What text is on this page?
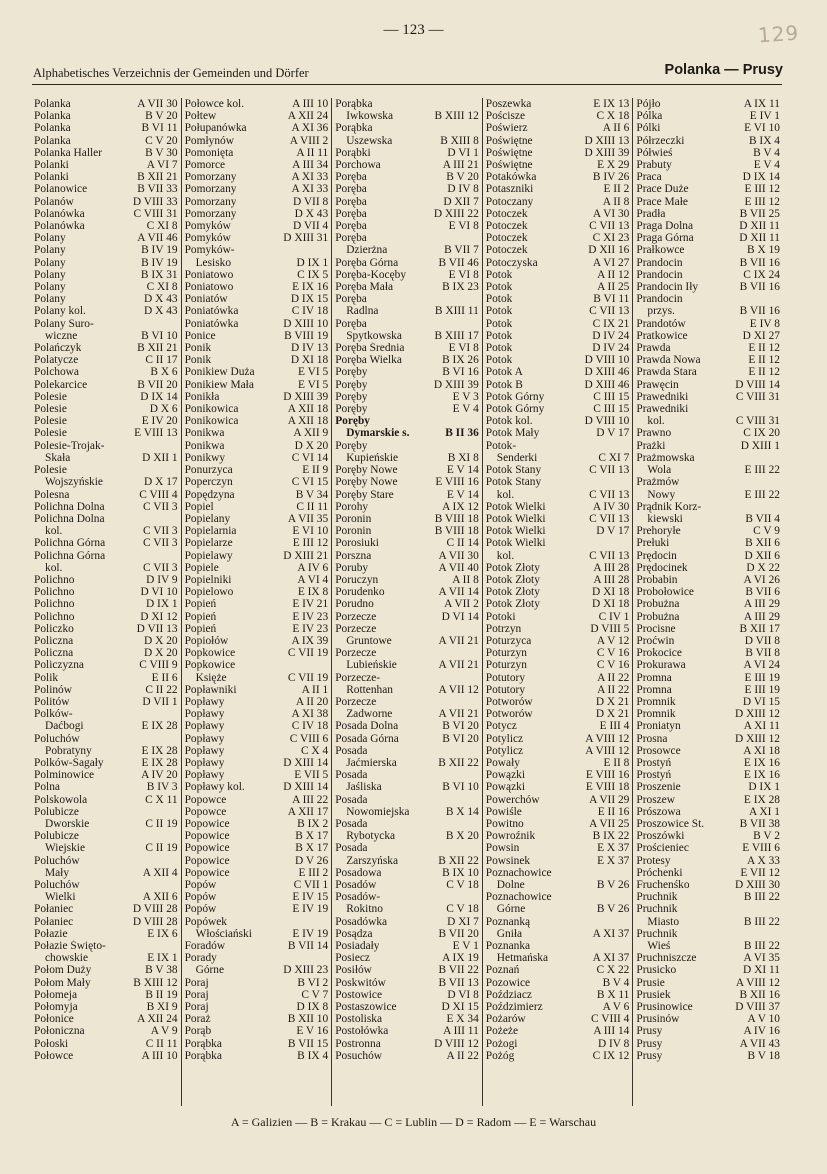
— 123 —	129
Alphabetisches Verzeichnis der Gemeinden und Dörfer	Polanka — Prusy
Polanka	A VII 30
Polanka	B V 20
Polanka	B VI 11
Polanka	C V 20
Polanka Haller	B V 30
Polanki	A VI 7
Polanki	B XII 21
Polanowice	B VII 33
Polanów	D VIII 33
Polanówka	C VIII 31
Polanówka	C XI 8
Polany	A VII 46
Polany	B IV 19
Polany	B IV 19
Polany	B IX 31
Polany	C XI 8
Polany	D X 43
Polany kol.	D X 43
Polany Suro-
wiczne	B VI 10
Polańczyk	B XII 21
Polatycze	C II 17
Polchowa	B X 6
Polekarcice	B VII 20
Polesie	D IX 14
Polesie	D X 6
Polesie	E IV 20
Polesie	E VIII 13
Polesie-Trojak-
Skała	D XII 1
Polesie
Wojszyńskie	D X 17
Polesna	C VIII 4
Polichna Dolna	C VII 3
Polichna Dolna
kol.	C VII 3
Polichna Górna	C VII 3
Polichna Górna
kol.	C VII 3
Polichno	D IV 9
Polichno	D VI 10
Polichno	D IX 1
Polichno	D XI 12
Policzko	D VII 13
Policzna	D X 20
Policzna	D X 20
Policzyzna	C VIII 9
Polik	E II 6
Polinów	C II 22
Politów	D VII 1
Polków-
Daćbogi	E IX 28
Poluchów
Pobratyny	E IX 28
Polków-Sagały	E IX 28
Polminowice	A IV 20
Polna	B IV 3
Polskowola	C X 11
Polubicze
Dworskie	C II 19
Polubicze
Wiejskie	C II 19
Poluchów
Mały	A XII 4
Poluchów
Wielki	A XII 6
Połaniec	D VIII 28
Połaniec	D VIII 28
Połazie	E IX 6
Połazie Święto-
chowskie	E IX 1
Połom Duży	B V 38
Połom Mały	B XIII 12
Połomeja	B II 19
Połomyja	B XI 9
Połonice	A XII 24
Połoniczna	A V 9
Połoski	C II 11
Połowce	A III 10
Połowce kol.	A III 10
Połtew	A XII 24
Połupanówka	A XI 36
Pomłynów	A VIII 2
Pomonięta	A II 11
Pomorce	A III 34
Pomorzany	A XI 33
Pomorzany	A XI 33
Pomorzany	D VII 8
Pomorzany	D X 43
Pomyków	D VII 4
Pomyków	D XIII 31
Pomyków-
Lesisko	D IX 1
Poniatowo	C IX 5
Poniatowo	E IX 16
Poniatów	D IX 15
Poniatówka	C IV 18
Poniatówka	D XIII 10
Ponice	B VIII 19
Ponik	D IV 13
Ponik	D XI 18
Ponikiew Duża	E VI 5
Ponikiew Mała	E VI 5
Ponikła	D XIII 39
Ponikowica	A XII 18
Ponikowica	A XII 18
Ponikwa	A XII 9
Ponikwa	D X 20
Ponikwy	C VI 14
Ponurzyca	E II 9
Poperczyn	C VI 15
Popędzyna	B V 34
Popiel	C II 11
Popielany	A VII 35
Popielarnia	E VI 10
Popielarze	E III 12
Popielawy	D XIII 21
Popiele	A IV 6
Popielniki	A VI 4
Popielowo	E IX 8
Popień	E IV 21
Popień	E IV 23
Popień	E IV 23
Popiołów	A IX 39
Popkowice	C VII 19
Popkowice
Księże	C VII 19
Popławniki	A II 1
Popławy	A II 20
Popławy	A XI 38
Popławy	C IV 18
Popławy	C VIII 6
Popławy	C X 4
Popławy	D XIII 14
Popławy	E VII 5
Popławy kol.	D XIII 14
Popowce	A III 22
Popowce	A XII 17
Popowice	B IX 2
Popowice	B X 17
Popowice	B X 17
Popowice	D V 26
Popowice	E III 2
Popów	C VII 1
Popów	E IV 15
Popów	E IV 19
Popówek
Włościański	E IV 19
Foradów	B VII 14
Porady
Górne	D XIII 23
Poraj	B VI 2
Poraj	C V 7
Poraj	D IX 8
Poraż	B XII 10
Porąb	E V 16
Porąbka	B VII 15
Porąbka	B IX 4
Porąbka
Iwkowska	B XIII 12
Porąbka
Uszewska	B XIII 8
Porąbki	D VI 1
Porchowa	A III 21
Poręba	B V 20
Poręba	D IV 8
Poręba	D XII 7
Poręba	D XIII 22
Poręba	E VI 8
Poręba
Dzierżna	B VII 7
Poręba Górna	B VII 46
Poręba-Kocęby	E VI 8
Poręba Mała	B IX 23
Poręba
Radlna	B XIII 11
Poręba
Spytkowska	B XIII 17
Poręba Średnia	E VI 8
Poręba Wielka	B IX 26
Poręby	B VI 16
Poręby	D XIII 39
Poręby	E V 3
Poręby	E V 4
Poręby
Dymarskie s.	B II 36
Poręby
Kupieńskie	B XI 8
Poręby Nowe	E V 14
Poręby Nowe	E VIII 16
Poręby Stare	E V 14
Porohy	A IX 12
Poronin	B VIII 18
Poronin	B VIII 18
Porosiuki	C II 14
Porszna	A VII 30
Poruby	A VII 40
Poruczyn	A II 8
Porudenko	A VII 14
Porudno	A VII 2
Porzecze	D VI 14
Porzecze
Gruntowe	A VII 21
Porzecze
Lubieńskie	A VII 21
Porzecze-
Rottenhan	A VII 12
Porzecze
Zadworne	A VII 21
Posada Dolna	B VI 20
Posada Górna	B VI 20
Posada
Jaćmierska	B XII 22
Posada
Jaśliska	B VI 10
Posada
Nowomiejska	B X 14
Posada
Rybotycka	B X 20
Posada
Zarszyńska	B XII 22
Posadowa	B IX 10
Posadów	C V 18
Posadów-
Rokitno	C V 18
Posadówka	D XI 7
Posądza	B VII 20
Posiadały	E V 1
Posiecz	A IX 19
Posiłów	B VII 22
Poskwitów	B VII 13
Postowice	D VI 8
Postaszowice	D XI 15
Postoliska	E X 34
Postołówka	A III 11
Postronna	D VIII 12
Posuchów	A II 22
Poszewka	E IX 13
Pościsze	C X 18
Poświerz	A II 6
Poświętne	D XIII 13
Poświętne	D XIII 39
Poświętne	E X 29
Potakówka	B IV 26
Potaszniki	E II 2
Potoczany	A II 8
Potoczek	A VI 30
Potoczek	C VII 13
Potoczek	C XI 23
Potoczek	D XII 16
Potoczyska	A VI 27
Potok	A II 12
Potok	A II 25
Potok	B VI 11
Potok	C VII 13
Potok	C IX 21
Potok	D IV 24
Potok	D IV 24
Potok	D VIII 10
Potok A	D XIII 46
Potok B	D XIII 46
Potok Górny	C III 15
Potok Górny	C III 15
Potok kol.	D VIII 10
Potok Mały	D V 17
Potok-
Senderki	C XI 7
Potok Stany	C VII 13
Potok Stany
kol.	C VII 13
Potok Wielki	A IV 30
Potok Wielki	C VII 13
Potok Wielki	D V 17
Potok Wielki
kol.	C VII 13
Potok Złoty	A III 28
Potok Złoty	A III 28
Potok Złoty	D XI 18
Potok Złoty	D XI 18
Potoki	C IV 1
Potrzyn	D VIII 5
Poturzyca	A V 12
Poturzyn	C V 16
Poturzyn	C V 16
Potutory	A II 22
Potutory	A II 22
Potworów	D X 21
Potworów	D X 21
Potycz	E III 4
Potylicz	A VIII 12
Potylicz	A VIII 12
Powały	E II 8
Powązki	E VIII 16
Powązki	E VIII 18
Powerchów	A VII 29
Powiśle	E II 16
Powitno	A VII 25
Powroźnik	B IX 22
Powsin	E X 37
Powsinek	E X 37
Poznachowice
Dolne	B V 26
Poznachowice
Górne	B V 26
Poznanką
Gniła	A XI 37
Poznanka
Hetmańska	A XI 37
Poznań	C X 22
Pozowice	B V 4
Poździacz	B X 11
Poździmierz	A V 6
Pożarów	C VIII 4
Pożeże	A III 14
Pożogi	D IV 8
Pożóg	C IX 12
Pójło	A IX 11
Pólka	E IV 1
Pólki	E VI 10
Półrzeczki	B IX 4
Półwieś	B V 4
Prabuty	E V 4
Praca	D IX 14
Prace Duże	E III 12
Prace Małe	E III 12
Pradła	B VII 25
Praga Dolna	D XII 11
Praga Górna	D XII 11
Prałkowce	B X 19
Prandocin	B VII 16
Prandocin	C IX 24
Prandocin Iły	B VII 16
Prandocin
przys.	B VII 16
Prandotów	E IV 8
Pratkowice	D XI 27
Prawda	E II 12
Prawda Nowa	E II 12
Prawda Stara	E II 12
Prawęcin	D VIII 14
Prawedniki	C VIII 31
Prawedniki
kol.	C VIII 31
Prawno	C IX 20
Prażki	D XIII 1
Prażmowska
Wola	E III 22
Prażmów
Nowy	E III 22
Prądnik Korz-
kiewski	B VII 4
Prehoryłe	C V 9
Prełuki	B XII 6
Prędocin	D XII 6
Prędocinek	D X 22
Probabin	A VI 26
Probołowice	B VII 6
Probużna	A III 29
Probużna	A III 29
Procisne	B XII 17
Proćwin	D VII 8
Prokocice	B VII 8
Prokurawa	A VI 24
Promna	E III 19
Promna	E III 19
Promnik	D VI 15
Promnik	D XIII 12
Proniatyn	A XI 11
Prosna	D XIII 12
Prosowce	A XI 18
Prostyń	E IX 16
Prostyń	E IX 16
Proszenie	D IX 1
Proszew	E IX 28
Prószowa	A XI 1
Proszowice St.	B VII 38
Proszówki	B V 2
Prościeniec	E VIII 6
Protesy	A X 33
Próchenki	E VII 12
Fruchenśko	D XIII 30
Pruchnik	B III 22
Pruchnik
Miasto	B III 22
Pruchnik
Wieś	B III 22
Pruchniszcze	A VI 35
Prusicko	D XI 11
Prusie	A VIII 12
Prusiek	B XII 16
Prusinowice	D VIII 37
Prusinów	A V 10
Prusy	A IV 16
Prusy	A VII 43
Prusy	B V 18
A = Galizien — B = Krakau — C = Lublin — D = Radom — E = Warschau
